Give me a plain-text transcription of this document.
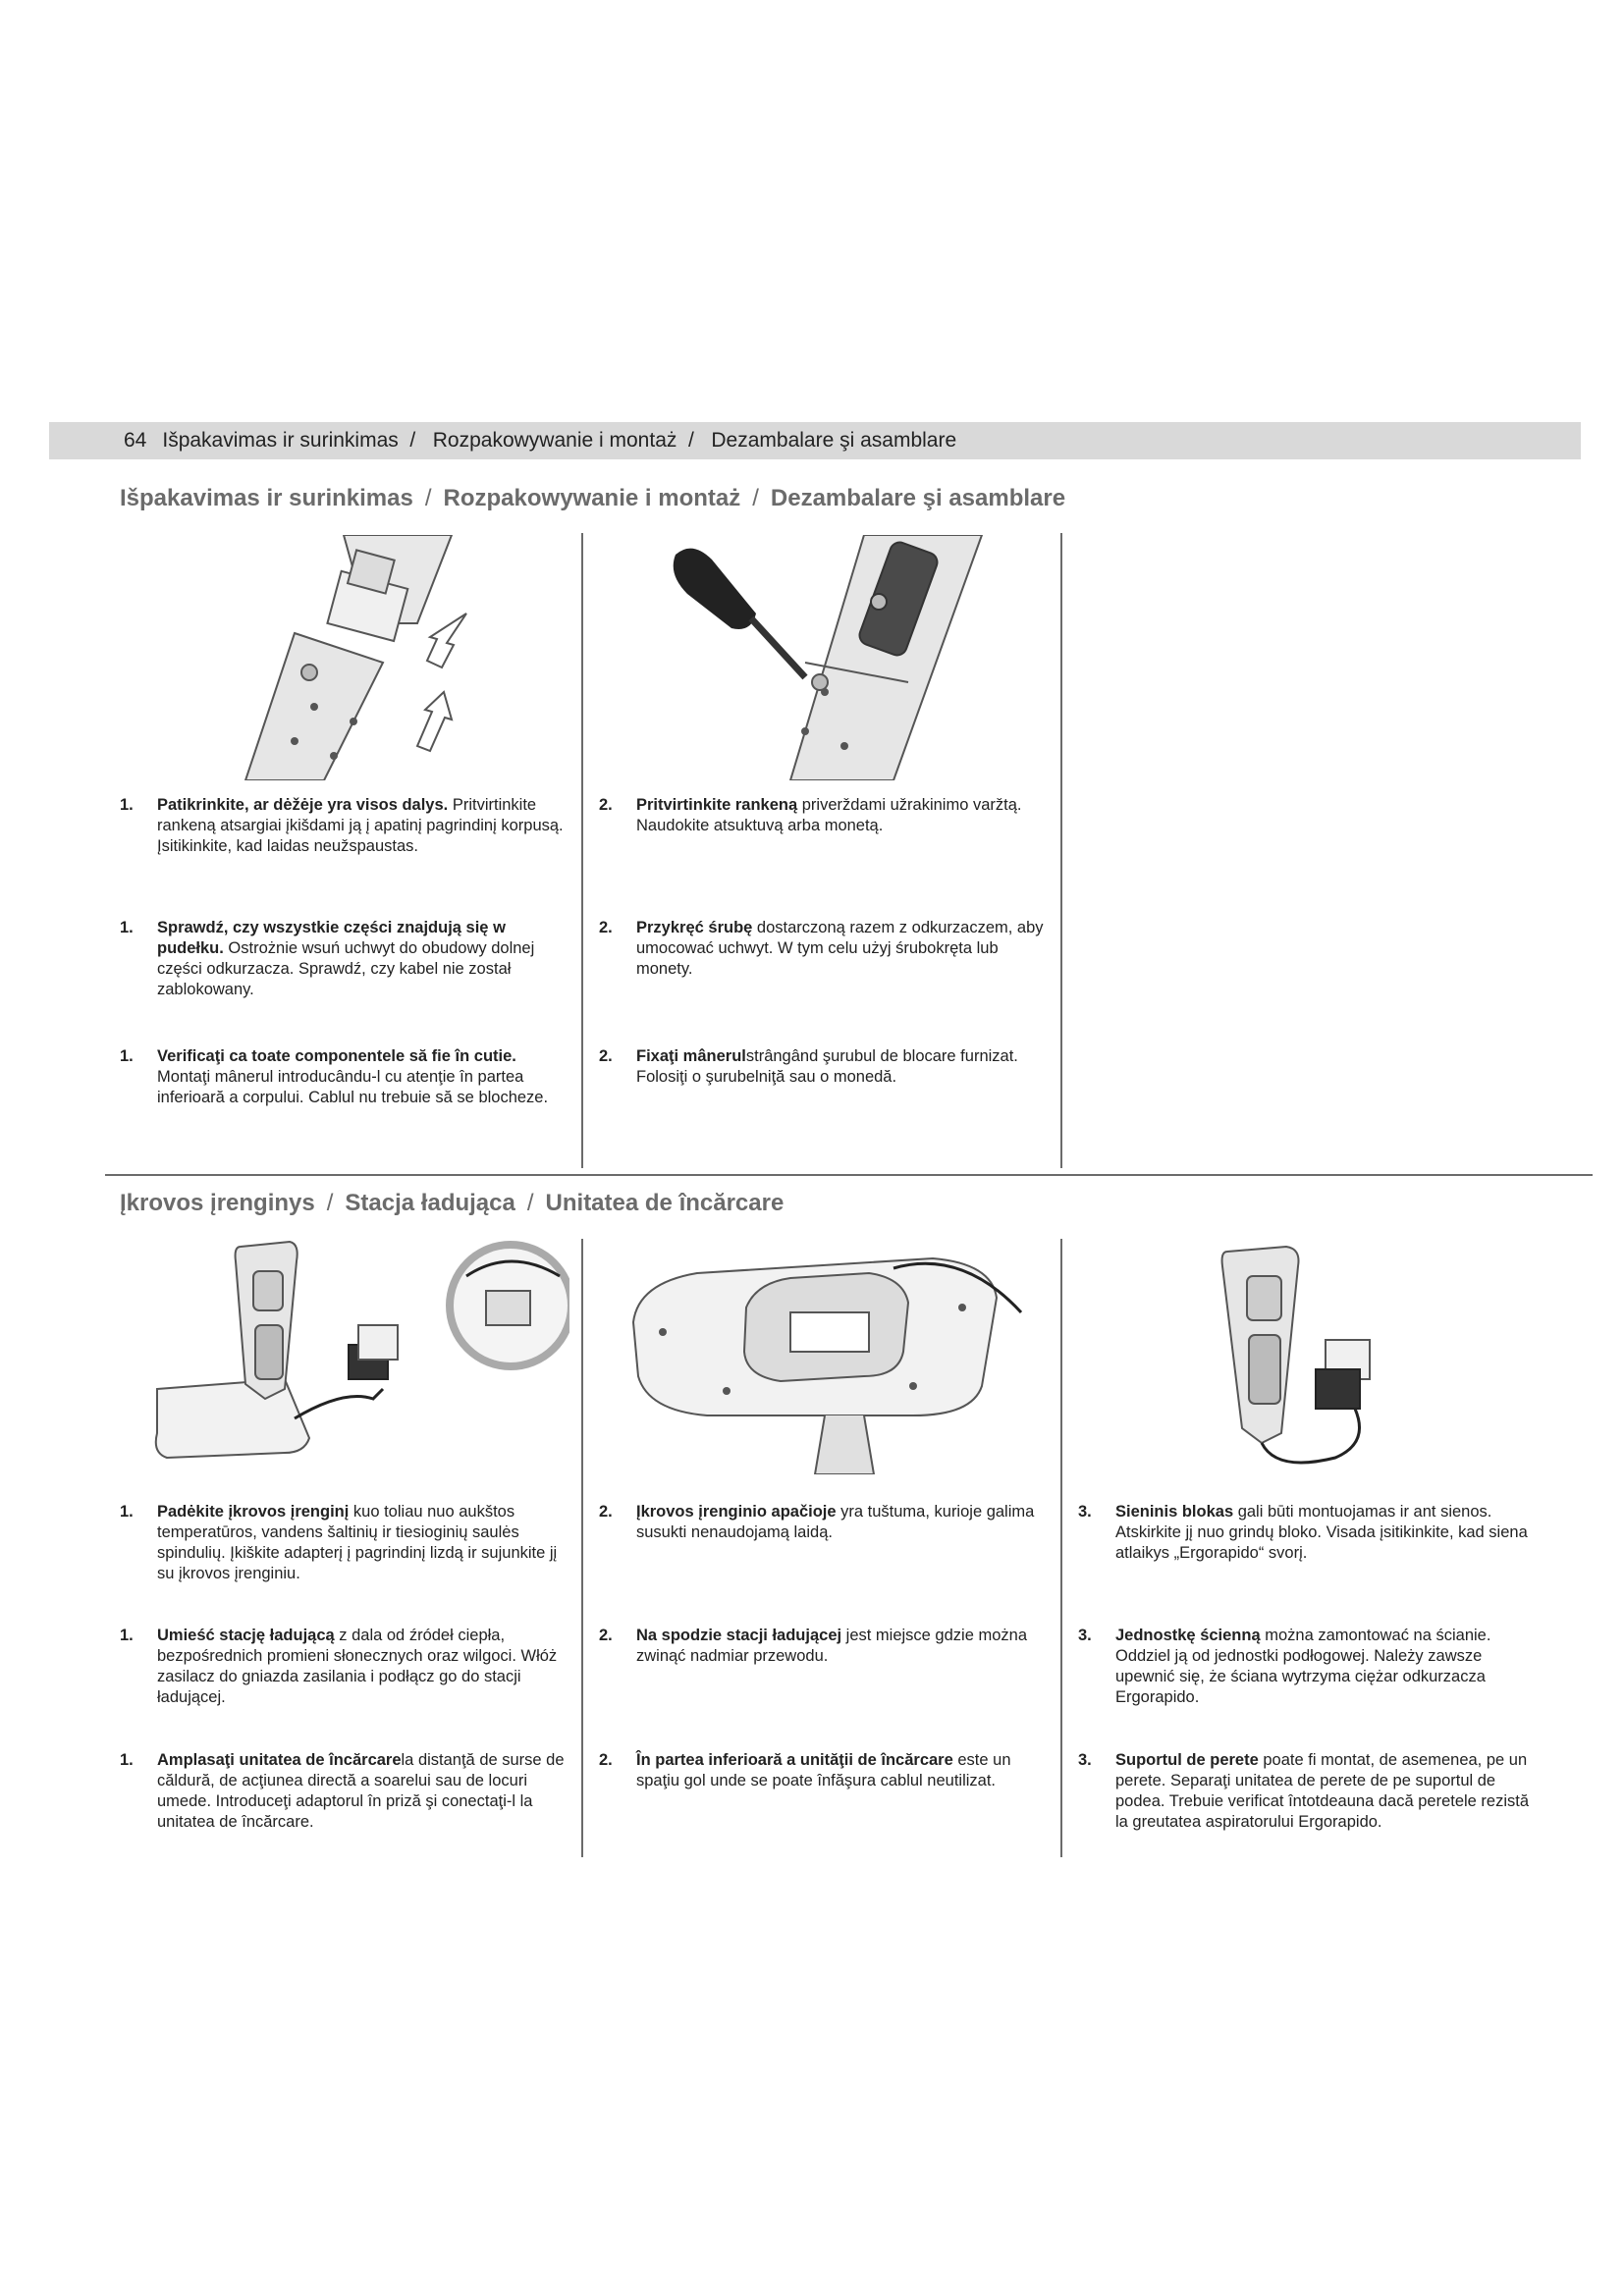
64 Išpakavimas ir surinkimas  /   Rozpakowywanie i montaż  /   Dezambalare şi asamblare
Išpakavimas ir surinkimas / Rozpakowywanie i montaż / Dezambalare şi asamblare
1. Patikrinkite, ar dėžėje yra visos dalys. Pritvirtinkite rankeną atsargiai įkišdami ją į apatinį pagrindinį korpusą. Įsitikinkite, kad laidas neužspaustas.
2. Pritvirtinkite rankeną priverždami užrakinimo varžtą. Naudokite atsuktuvą arba monetą.
1. Sprawdź, czy wszystkie części znajdują się w pudełku. Ostrożnie wsuń uchwyt do obudowy dolnej części odkurzacza. Sprawdź, czy kabel nie został zablokowany.
2. Przykręć śrubę dostarczoną razem z odkurzaczem, aby umocować uchwyt. W tym celu użyj śrubokręta lub monety.
1. Verificaţi ca toate componentele să fie în cutie. Montaţi mânerul introducându-l cu atenţie în partea inferioară a corpului. Cablul nu trebuie să se blocheze.
2. Fixaţi mânerulstrângând şurubul de blocare furnizat. Folosiţi o şurubelniţă sau o monedă.
Įkrovos įrenginys / Stacja ładująca / Unitatea de încărcare
1. Padėkite įkrovos įrenginį kuo toliau nuo aukštos temperatūros, vandens šaltinių ir tiesioginių saulės spindulių. Įkiškite adapterį į pagrindinį lizdą ir sujunkite jį su įkrovos įrenginiu.
2. Įkrovos įrenginio apačioje yra tuštuma, kurioje galima susukti nenaudojamą laidą.
3. Sieninis blokas gali būti montuojamas ir ant sienos. Atskirkite jį nuo grindų bloko. Visada įsitikinkite, kad siena atlaikys „Ergorapido“ svorį.
1. Umieść stację ładującą z dala od źródeł ciepła, bezpośrednich promieni słonecznych oraz wilgoci. Włóż zasilacz do gniazda zasilania i podłącz go do stacji ładującej.
2. Na spodzie stacji ładującej jest miejsce gdzie można zwinąć nadmiar przewodu.
3. Jednostkę ścienną można zamontować na ścianie. Oddziel ją od jednostki podłogowej. Należy zawsze upewnić się, że ściana wytrzyma ciężar odkurzacza Ergorapido.
1. Amplasaţi unitatea de încărcarela distanţă de surse de căldură, de acţiunea directă a soarelui sau de locuri umede. Introduceţi adaptorul în priză şi conectaţi-l la unitatea de încărcare.
2. În partea inferioară a unităţii de încărcare este un spaţiu gol unde se poate înfăşura cablul neutilizat.
3. Suportul de perete poate fi montat, de asemenea, pe un perete. Separaţi unitatea de perete de pe suportul de podea. Trebuie verificat întotdeauna dacă peretele rezistă la greutatea aspiratorului Ergorapido.
